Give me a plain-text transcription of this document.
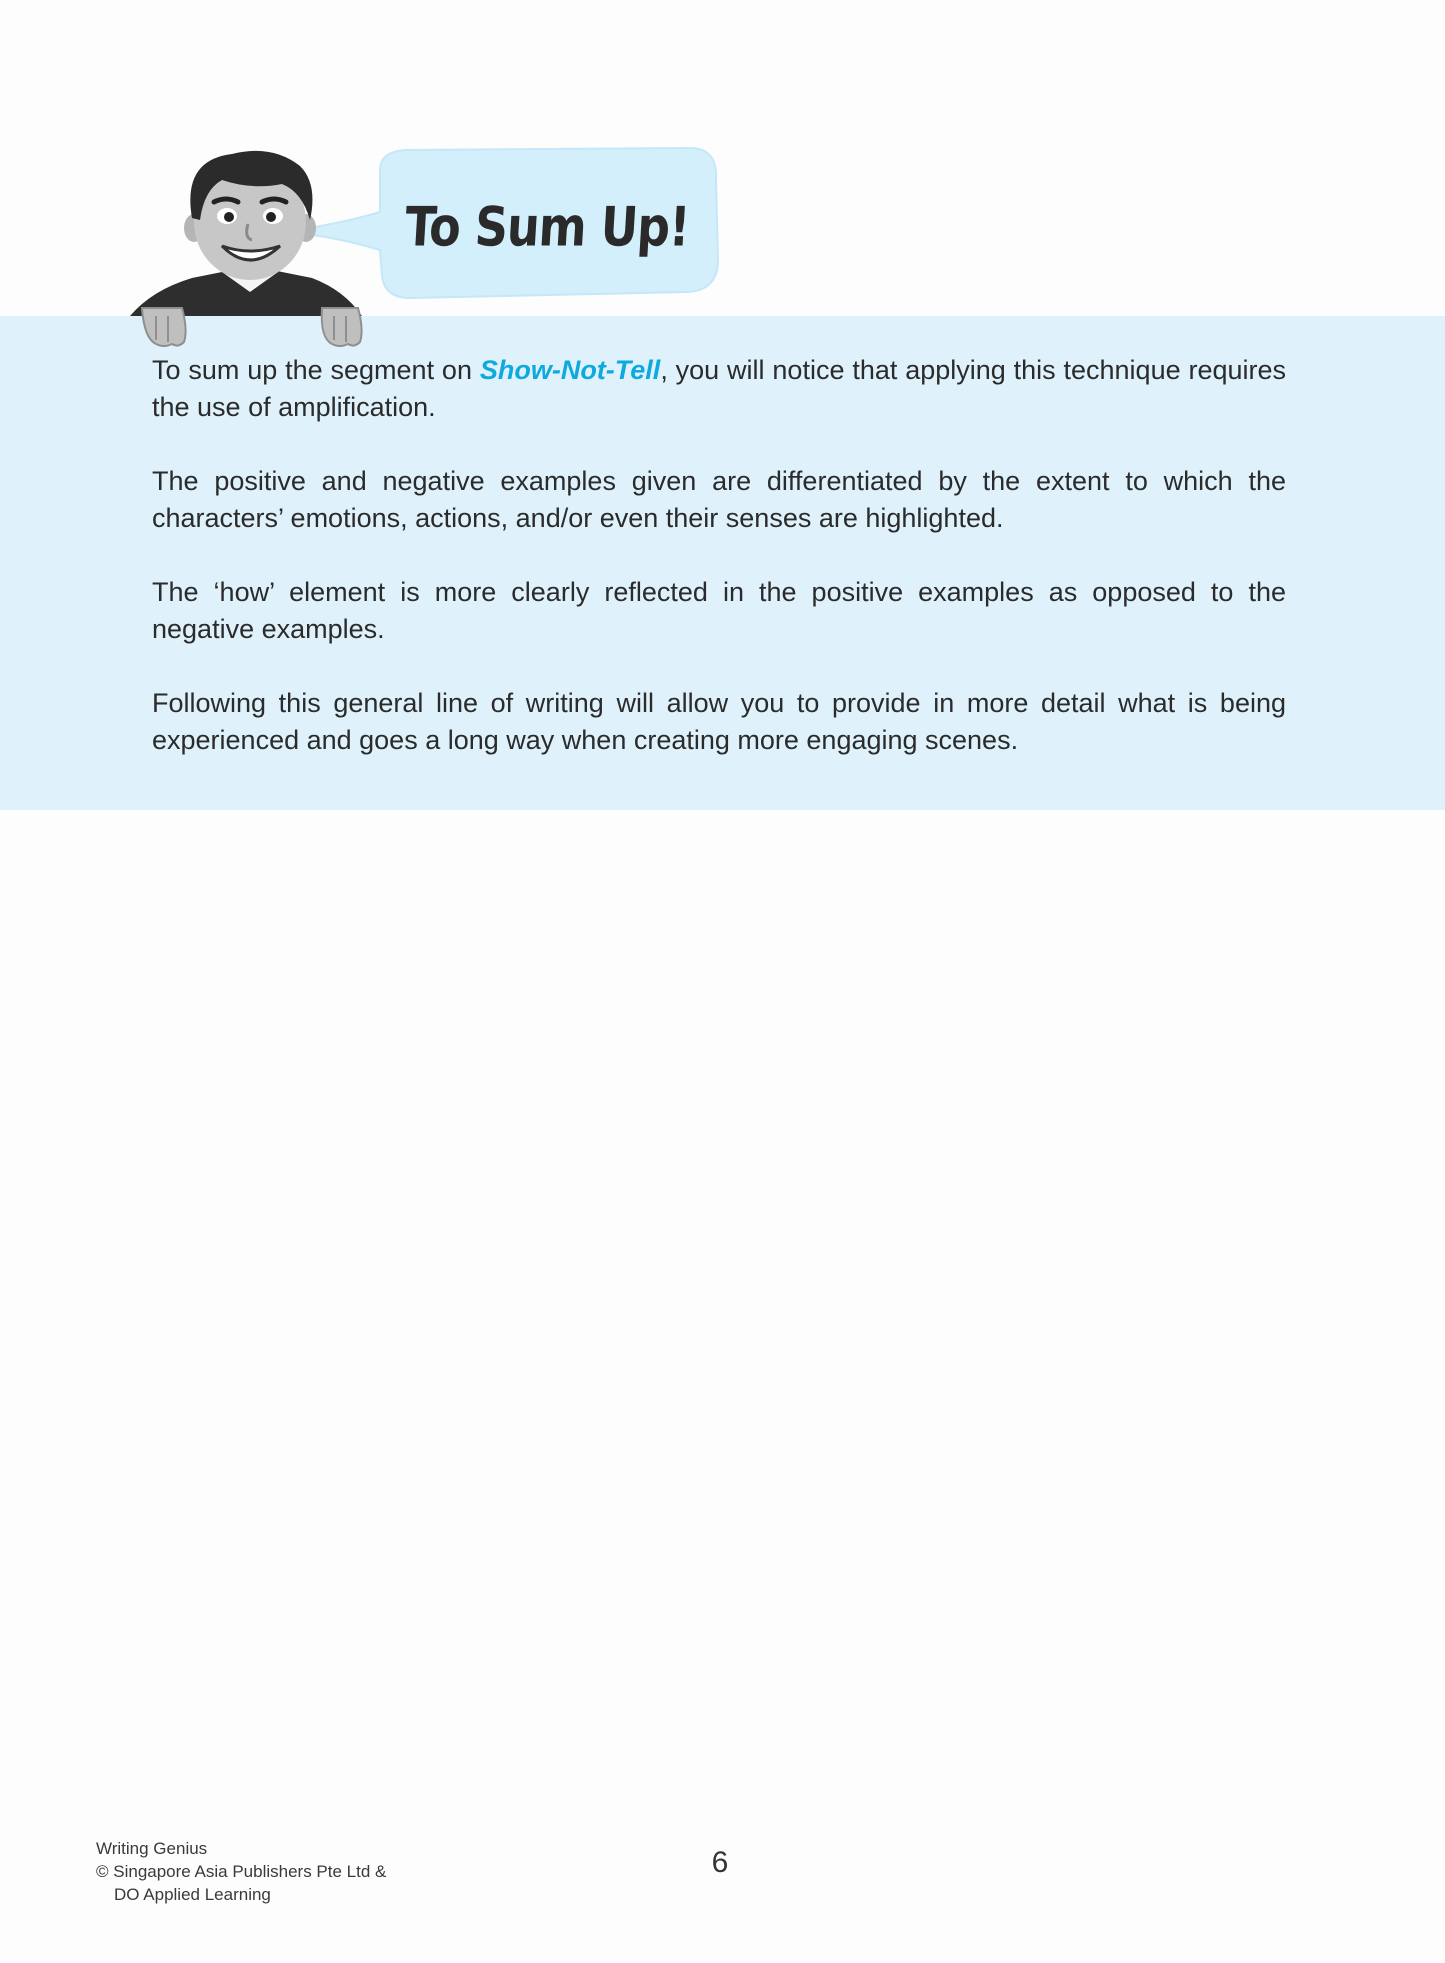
To Sum Up!

To sum up the segment on Show-Not-Tell, you will notice that applying this technique requires the use of amplification.

The positive and negative examples given are differentiated by the extent to which the characters’ emotions, actions, and/or even their senses are highlighted.

The ‘how’ element is more clearly reflected in the positive examples as opposed to the negative examples.

Following this general line of writing will allow you to provide in more detail what is being experienced and goes a long way when creating more engaging scenes.

Writing Genius
© Singapore Asia Publishers Pte Ltd &
DO Applied Learning
6
